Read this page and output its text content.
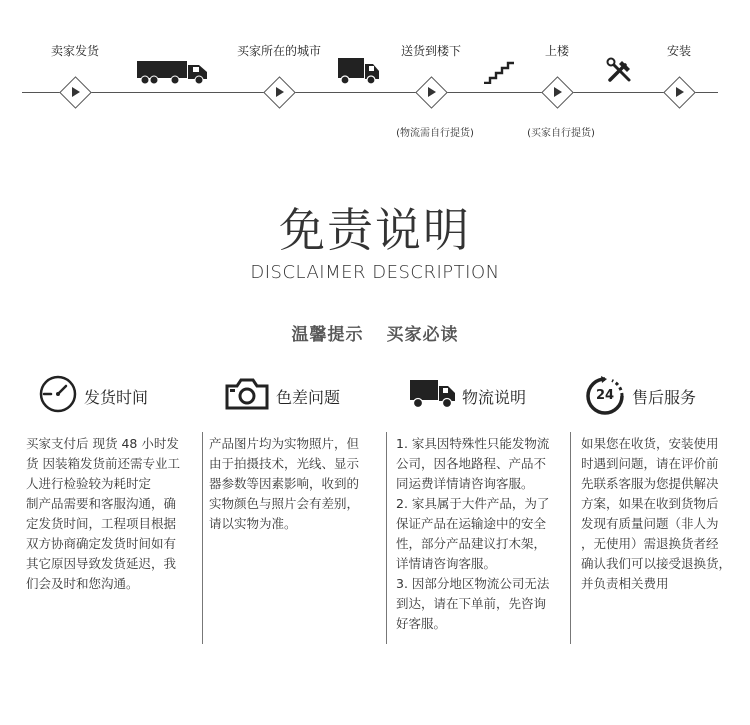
卖家发货	买家所在的城市	送货到楼下	上楼	安装
(物流需自行提货)	(买家自行提货)
免责说明
DISCLAIMER DESCRIPTION
温馨提示 买家必读
发货时间	色差问题	物流说明	24	售后服务
买家支付后 现货 48 小时发
货 因装箱发货前还需专业工
人进行检验较为耗时定
制产品需要和客服沟通，确
定发货时间，工程项目根据
双方协商确定发货时间如有
其它原因导致发货延迟，我
们会及时和您沟通。
产品图片均为实物照片，但
由于拍摄技术，光线、显示
器参数等因素影响，收到的
实物颜色与照片会有差别，
请以实物为准。
1. 家具因特殊性只能发物流
公司，因各地路程、产品不
同运费详情请咨询客服。
2. 家具属于大件产品，为了
保证产品在运输途中的安全
性，部分产品建议打木架，
详情请咨询客服。
3. 因部分地区物流公司无法
到达，请在下单前，先咨询
好客服。
如果您在收货，安装使用
时遇到问题，请在评价前
先联系客服为您提供解决
方案，如果在收到货物后
发现有质量问题（非人为
，无使用）需退换货者经
确认我们可以接受退换货，
并负责相关费用
